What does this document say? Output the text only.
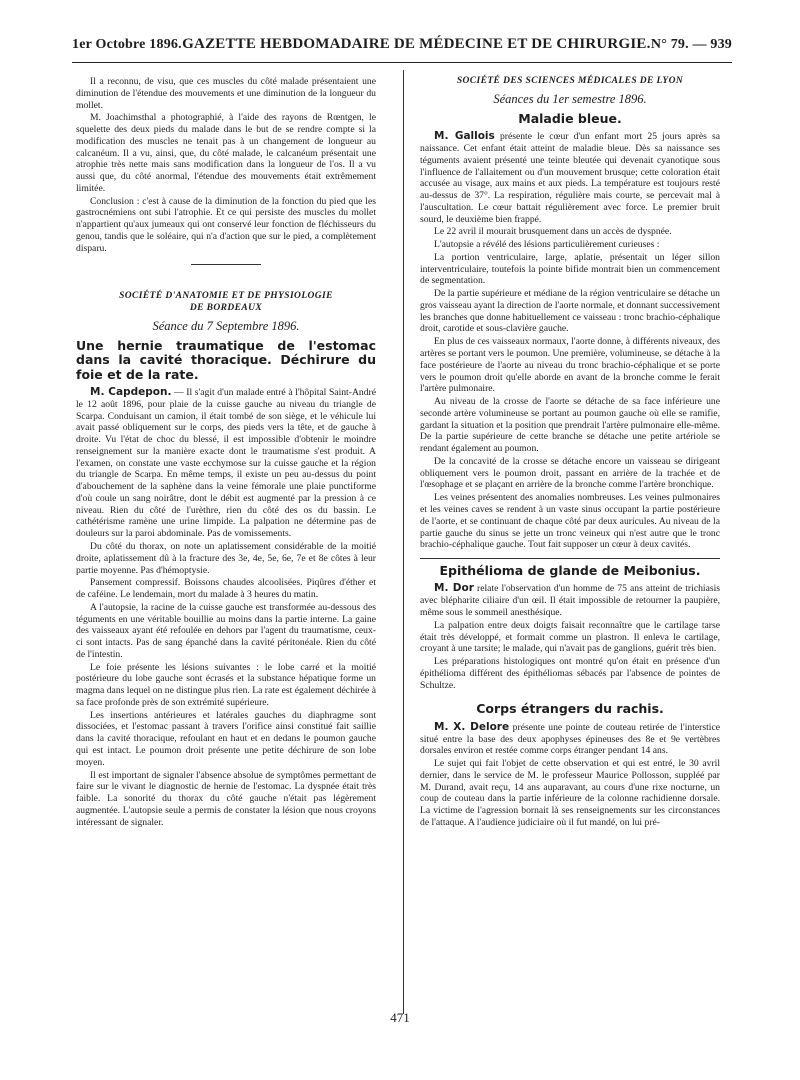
1er Octobre 1896. GAZETTE HEBDOMADAIRE DE MÉDECINE ET DE CHIRURGIE. N° 79. — 939

Il a reconnu, de visu, que ces muscles du côté malade présentaient une diminution de l'étendue des mouvements et une diminution de la longueur du mollet.

M. Joachimsthal a photographié, à l'aide des rayons de Rœntgen, le squelette des deux pieds du malade dans le but de se rendre compte si la modification des muscles ne tenait pas à un changement de longueur au calcanéum. Il a vu, ainsi, que, du côté malade, le calcanéum présentait une atrophie très nette mais sans modification dans la longueur de l'os. Il a vu aussi que, du côté anormal, l'étendue des mouvements était extrêmement limitée.

Conclusion : c'est à cause de la diminution de la fonction du pied que les gastrocnémiens ont subi l'atrophie. Et ce qui persiste des muscles du mollet n'appartient qu'aux jumeaux qui ont conservé leur fonction de fléchisseurs du genou, tandis que le soléaire, qui n'a d'action que sur le pied, a complètement disparu.

SOCIÉTÉ D'ANATOMIE ET DE PHYSIOLOGIE
DE BORDEAUX
Séance du 7 Septembre 1896.
Une hernie traumatique de l'estomac dans la cavité thoracique. Déchirure du foie et de la rate.

M. Capdepon. — Il s'agit d'un malade entré à l'hôpital Saint-André le 12 août 1896, pour plaie de la cuisse gauche au niveau du triangle de Scarpa. Conduisant un camion, il était tombé de son siège, et le véhicule lui avait passé obliquement sur le corps, des pieds vers la tête, et de gauche à droite. Vu l'état de choc du blessé, il est impossible d'obtenir le moindre renseignement sur la manière exacte dont le traumatisme s'est produit. A l'examen, on constate une vaste ecchymose sur la cuisse gauche et la région du triangle de Scarpa. En même temps, il existe un peu au-dessus du point d'abouchement de la saphène dans la veine fémorale une plaie punctiforme d'où coule un sang noirâtre, dont le débit est augmenté par la pression à ce niveau. Rien du côté de l'urèthre, rien du côté des os du bassin. Le cathétérisme ramène une urine limpide. La palpation ne détermine pas de douleurs sur la paroi abdominale. Pas de vomissements.

Du côté du thorax, on note un aplatissement considérable de la moitié droite, aplatissement dû à la fracture des 3e, 4e, 5e, 6e, 7e et 8e côtes à leur partie moyenne. Pas d'hémoptysie.

Pansement compressif. Boissons chaudes alcoolisées. Piqûres d'éther et de caféine. Le lendemain, mort du malade à 3 heures du matin.

A l'autopsie, la racine de la cuisse gauche est transformée au-dessous des téguments en une véritable bouillie au moins dans la partie interne. La gaine des vaisseaux ayant été refoulée en dehors par l'agent du traumatisme, ceux-ci sont intacts. Pas de sang épanché dans la cavité péritonéale. Rien du côté de l'intestin.

Le foie présente les lésions suivantes : le lobe carré et la moitié postérieure du lobe gauche sont écrasés et la substance hépatique forme un magma dans lequel on ne distingue plus rien. La rate est également déchirée à sa face profonde près de son extrémité supérieure.

Les insertions antérieures et latérales gauches du diaphragme sont dissociées, et l'estomac passant à travers l'orifice ainsi constitué fait saillie dans la cavité thoracique, refoulant en haut et en dedans le poumon gauche qui est intact. Le poumon droit présente une petite déchirure de son lobe moyen.

Il est important de signaler l'absence absolue de symptômes permettant de faire sur le vivant le diagnostic de hernie de l'estomac. La dyspnée était très faible. La sonorité du thorax du côté gauche n'était pas légèrement augmentée. L'autopsie seule a permis de constater la lésion que nous croyons intéressant de signaler.

SOCIÉTÉ DES SCIENCES MÉDICALES DE LYON
Séances du 1er semestre 1896.
Maladie bleue.

M. Gallois présente le cœur d'un enfant mort 25 jours après sa naissance. Cet enfant était atteint de maladie bleue. Dès sa naissance ses téguments avaient présenté une teinte bleutée qui devenait cyanotique sous l'influence de l'allaitement ou d'un mouvement brusque; cette coloration était accusée au visage, aux mains et aux pieds. La température est toujours resté au-dessus de 37°. La respiration, régulière mais courte, se percevait mal à l'auscultation. Le cœur battait régulièrement avec force. Le premier bruit sourd, le deuxième bien frappé.

Le 22 avril il mourait brusquement dans un accès de dyspnée.

L'autopsie a révélé des lésions particulièrement curieuses :

La portion ventriculaire, large, aplatie, présentait un léger sillon interventriculaire, toutefois la pointe bifide montrait bien un commencement de segmentation.

De la partie supérieure et médiane de la région ventriculaire se détache un gros vaisseau ayant la direction de l'aorte normale, et donnant successivement les branches que donne habituellement ce vaisseau : tronc brachio-céphalique droit, carotide et sous-clavière gauche.

En plus de ces vaisseaux normaux, l'aorte donne, à différents niveaux, des artères se portant vers le poumon. Une première, volumineuse, se détache à la face postérieure de l'aorte au niveau du tronc brachio-céphalique et se porte vers le poumon droit qu'elle aborde en avant de la bronche comme le ferait l'artère pulmonaire.

Au niveau de la crosse de l'aorte se détache de sa face inférieure une seconde artère volumineuse se portant au poumon gauche où elle se ramifie, gardant la situation et la position que prendrait l'artère pulmonaire elle-même. De la partie supérieure de cette branche se détache une petite artériole se rendant également au poumon.

De la concavité de la crosse se détache encore un vaisseau se dirigeant obliquement vers le poumon droit, passant en arrière de la trachée et de l'œsophage et se plaçant en arrière de la bronche comme l'artère bronchique.

Les veines présentent des anomalies nombreuses. Les veines pulmonaires et les veines caves se rendent à un vaste sinus occupant la partie postérieure de l'aorte, et se continuant de chaque côté par deux auricules. Au niveau de la partie gauche du sinus se jette un tronc veineux qui n'est autre que le tronc brachio-céphalique gauche. Tout fait supposer un cœur à deux cavités.

Epithélioma de glande de Meibonius.

M. Dor relate l'observation d'un homme de 75 ans atteint de trichiasis avec blépharite ciliaire d'un œil. Il était impossible de retourner la paupière, même sous le sommeil anesthésique.

La palpation entre deux doigts faisait reconnaître que le cartilage tarse était très développé, et formait comme un plastron. Il enleva le cartilage, croyant à une tarsite; le malade, qui n'avait pas de ganglions, guérit très bien.

Les préparations histologiques ont montré qu'on était en présence d'un épithélioma différent des épithéliomas sébacés par l'absence de pointes de Schultze.

Corps étrangers du rachis.

M. X. Delore présente une pointe de couteau retirée de l'interstice situé entre la base des deux apophyses épineuses des 8e et 9e vertèbres dorsales environ et restée comme corps étranger pendant 14 ans.

Le sujet qui fait l'objet de cette observation et qui est entré, le 30 avril dernier, dans le service de M. le professeur Maurice Pollosson, suppléé par M. Durand, avait reçu, 14 ans auparavant, au cours d'une rixe nocturne, un coup de couteau dans la partie inférieure de la colonne rachidienne dorsale. La victime de l'agression bornait là ses renseignements sur les circonstances de l'attaque. A l'audience judiciaire où il fut mandé, on lui pré-

471
